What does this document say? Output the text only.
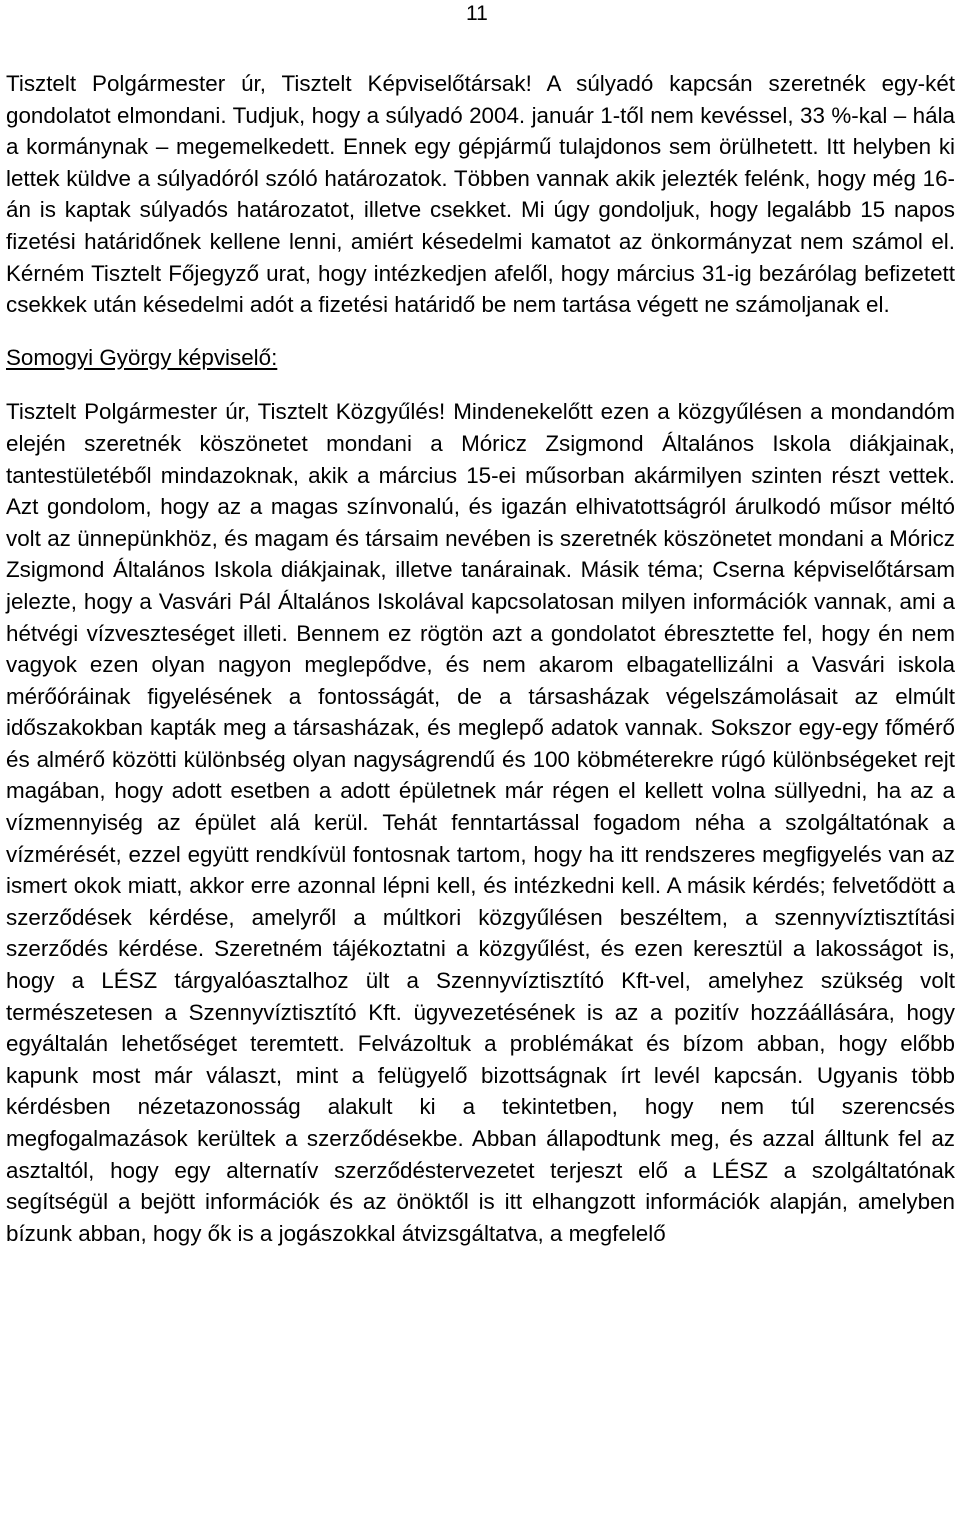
11

Tisztelt Polgármester úr, Tisztelt Képviselőtársak! A súlyadó kapcsán szeretnék egy-két gondolatot elmondani. Tudjuk, hogy a súlyadó 2004. január 1-től nem kevéssel, 33 %-kal – hála a kormánynak – megemelkedett. Ennek egy gépjármű tulajdonos sem örülhetett. Itt helyben ki lettek küldve a súlyadóról szóló határozatok. Többen vannak akik jelezték felénk, hogy még 16-án is kaptak súlyadós határozatot, illetve csekket. Mi úgy gondoljuk, hogy legalább 15 napos fizetési határidőnek kellene lenni, amiért késedelmi kamatot az önkormányzat nem számol el. Kérném Tisztelt Főjegyző urat, hogy intézkedjen afelől, hogy március 31-ig bezárólag befizetett csekkek után késedelmi adót a fizetési határidő be nem tartása végett ne számoljanak el.

Somogyi György képviselő:

Tisztelt Polgármester úr, Tisztelt Közgyűlés! Mindenekelőtt ezen a közgyűlésen a mondandóm elején szeretnék köszönetet mondani a Móricz Zsigmond Általános Iskola diákjainak, tantestületéből mindazoknak, akik a március 15-ei műsorban akármilyen szinten részt vettek. Azt gondolom, hogy az a magas színvonalú, és igazán elhivatottságról árulkodó műsor méltó volt az ünnepünkhöz, és magam és társaim nevében is szeretnék köszönetet mondani a Móricz Zsigmond Általános Iskola diákjainak, illetve tanárainak. Másik téma; Cserna képviselőtársam jelezte, hogy a Vasvári Pál Általános Iskolával kapcsolatosan milyen információk vannak, ami a hétvégi vízveszteséget illeti. Bennem ez rögtön azt a gondolatot ébresztette fel, hogy én nem vagyok ezen olyan nagyon meglepődve, és nem akarom elbagatellizálni a Vasvári iskola mérőóráinak figyelésének a fontosságát, de a társasházak végelszámolásait az elmúlt időszakokban kapták meg a társasházak, és meglepő adatok vannak. Sokszor egy-egy főmérő és almérő közötti különbség olyan nagyságrendű és 100 köbméterekre rúgó különbségeket rejt magában, hogy adott esetben a adott épületnek már régen el kellett volna süllyedni, ha az a vízmennyiség az épület alá kerül. Tehát fenntartással fogadom néha a szolgáltatónak a vízmérését, ezzel együtt rendkívül fontosnak tartom, hogy ha itt rendszeres megfigyelés van az ismert okok miatt, akkor erre azonnal lépni kell, és intézkedni kell. A másik kérdés; felvetődött a szerződések kérdése, amelyről a múltkori közgyűlésen beszéltem, a szennyvíztisztítási szerződés kérdése. Szeretném tájékoztatni a közgyűlést, és ezen keresztül a lakosságot is, hogy a LÉSZ tárgyalóasztalhoz ült a Szennyvíztisztító Kft-vel, amelyhez szükség volt természetesen a Szennyvíztisztító Kft. ügyvezetésének is az a pozitív hozzáállására, hogy egyáltalán lehetőséget teremtett. Felvázoltuk a problémákat és bízom abban, hogy előbb kapunk most már választ, mint a felügyelő bizottságnak írt levél kapcsán. Ugyanis több kérdésben nézetazonosság alakult ki a tekintetben, hogy nem túl szerencsés megfogalmazások kerültek a szerződésekbe. Abban állapodtunk meg, és azzal álltunk fel az asztaltól, hogy egy alternatív szerződéstervezetet terjeszt elő a LÉSZ a szolgáltatónak segítségül a bejött információk és az önöktől is itt elhangzott információk alapján, amelyben bízunk abban, hogy ők is a jogászokkal átvizsgáltatva, a megfelelő
